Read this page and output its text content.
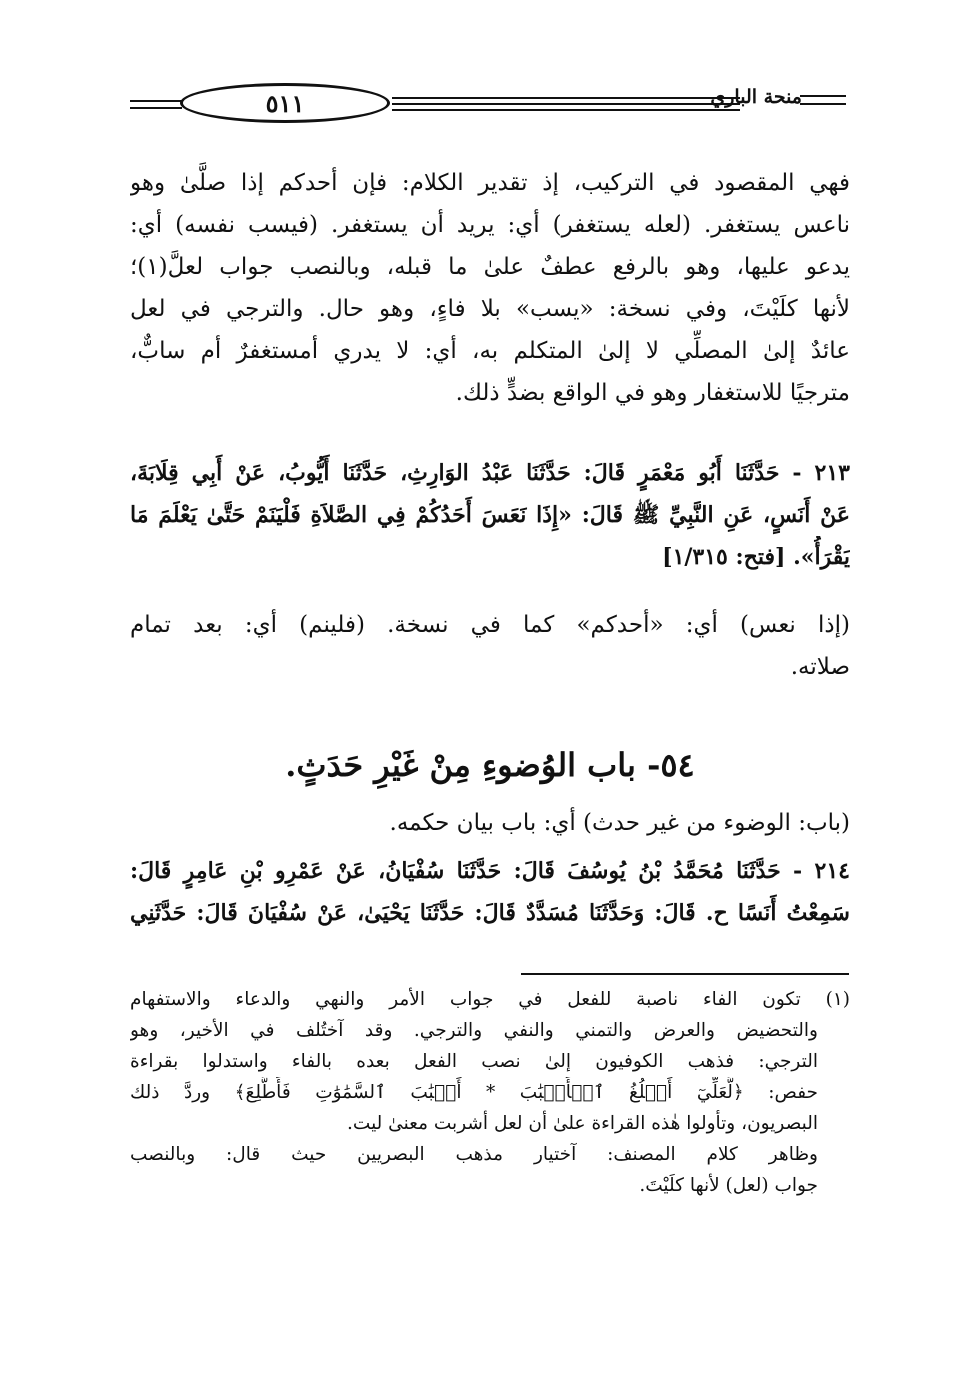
٥١١	منحة الباري
فهي المقصود في التركيب، إذ تقدير الكلام: فإن أحدكم إذا صلَّىٰ وهو
ناعس يستغفر. (لعله يستغفر) أي: يريد أن يستغفر. (فيسب نفسه) أي:
يدعو عليها، وهو بالرفع عطفٌ علىٰ ما قبله، وبالنصب جواب لعلَّ(١)؛
لأنها كلَيْتَ، وفي نسخة: «يسب» بلا فاءٍ، وهو حال. والترجي في لعل
عائدٌ إلىٰ المصلِّي لا إلىٰ المتكلم به، أي: لا يدري أمستغفرٌ أم سابٌّ،
مترجيًا للاستغفار وهو في الواقع بضدٍّ ذلك.
٢١٣ - حَدَّثَنَا أَبُو مَعْمَرٍ قَالَ: حَدَّثَنَا عَبْدُ الوَارِثِ، حَدَّثَنَا أَيُّوبُ، عَنْ أَبِي قِلَابَةَ،
عَنْ أَنَسٍ، عَنِ النَّبِيِّ ﷺ قَالَ: «إِذَا نَعَسَ أَحَدُكُمْ فِي الصَّلاَةِ فَلْيَنَمْ حَتَّىٰ يَعْلَمَ مَا
يَقْرَأُ». [فتح: ١/٣١٥]
(إذا نعس) أي: «أحدكم» كما في نسخة. (فلينم) أي: بعد تمام
صلاته.
٥٤- باب الوُضوءِ مِنْ غَيْرِ حَدَثٍ.
(باب: الوضوء من غير حدث) أي: باب بيان حكمه.
٢١٤ - حَدَّثَنَا مُحَمَّدُ بْنُ يُوسُفَ قَالَ: حَدَّثَنَا سُفْيَانُ، عَنْ عَمْرِو بْنِ عَامِرٍ قَالَ:
سَمِعْتُ أَنَسًا ح. قَالَ: وَحَدَّثَنَا مُسَدَّدٌ قَالَ: حَدَّثَنَا يَحْيَىٰ، عَنْ سُفْيَانَ قَالَ: حَدَّثَنِي
(١) تكون الفاء ناصبة للفعل في جواب الأمر والنهي والدعاء والاستفهام
والتحضيض والعرض والتمني والنفي والترجي. وقد آختُلف في الأخير، وهو
الترجي: فذهب الكوفيون إلىٰ نصب الفعل بعده بالفاء واستدلوا بقراءة
حفص: ﴿لَّعَلِّيٓ أَبۡلُغُ ٱلۡأَسۡبَٰبَ * أَسۡبَٰبَ ٱلسَّمَٰوَٰتِ فَأَطَّلِعَ﴾ وردَّ ذلك
البصريون، وتأولوا هٰذه القراءة علىٰ أن لعل أشربت معنىٰ ليت.
وظاهر كلام المصنف: آختيار مذهب البصريين حيث قال: وبالنصب
جواب (لعل) لأنها كلَيْتَ.
